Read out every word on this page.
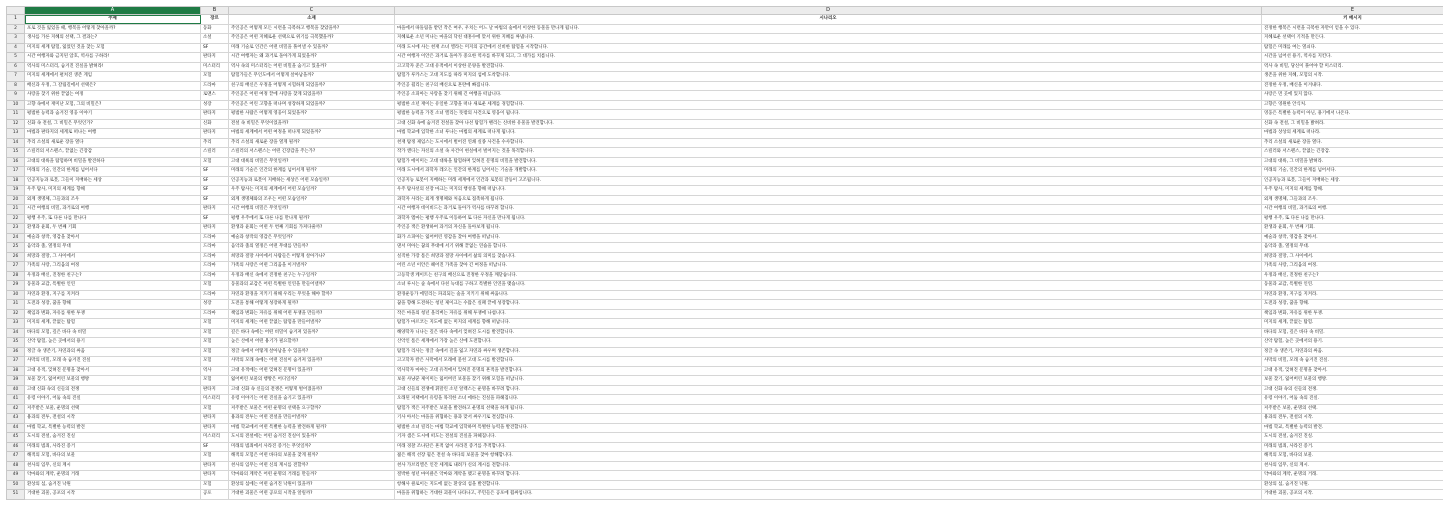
	A	B	C	D	E
1	주제	장르	소재	시나리오	키 메시지
2	포로 것을 잃었을 때, 행복을 어떻게 찾아올까?	동화	주인공은 어떻게 모든 시련을 극복하고 행복을 찾았을까?	마을에서 따돌림을 받던 작은 여우, 우치는 어느 날 마법의 숲에서 이상한 동물을 만나게 됩니다.	진정한 행복은 시련을 극복한 자만이 얻을 수 있다.
3	생사를 가른 지혜의 선택, 그 결과는?	소설	주인공은 어떤 지혜로운 선택으로 위기를 극복했을까?	지혜로운 소년 미나는 마을의 닥친 대홍수에 맞서 위한 지혜를 짜냅니다.	지혜로운 선택이 기적을 만든다.
4	미지의 세계 탐험, 잃었던 것을 찾는 모험	SF	미래 기술로 인간은 어떤 비밀을 풀어낼 수 있을까?	미래 도시에 사는 천재 소녀 엘라는 미지의 공간에서 신비한 탐험을 시작합니다.	탐험은 미래를 여는 열쇠다.
5	시간 여행자와 금지된 암호, 역사를 구하라!	판타지	시간 여행자는 왜 과거로 돌아가게 되었을까?	시간 여행자 이안은 과거로 돌아가 중요한 역사를 바꾸게 되고, 그 대가를 치릅니다.	시간을 넘어선 용기, 역사를 지킨다.
6	역사의 미스터리, 숨겨진 진실을 밝혀라!	미스터리	역사 속의 미스터리는 어떤 비밀을 숨기고 있을까?	고고학자 준은 고대 유적에서 이상한 문양을 발견합니다.	역사 속 비밀, 당신이 풀어야 할 미스터리.
7	미지의 세계에서 펼쳐진 생존 게임	모험	탐험가들은 무인도에서 어떻게 살아남을까?	탐험가 루카스는 고대 지도를 따라 미지의 섬에 도착합니다.	생존을 위한 지혜, 모험의 시작.
8	배신과 우정, 그 갈림길에서 선택은?	드라마	친구의 배신은 우정을 어떻게 시험하게 되었을까?	주인공 윌리는 친구의 배신으로 혼란에 빠집니다.	진정한 우정, 배신을 이겨내다.
9	사랑을 찾기 위한 끝없는 여정	로맨스	주인공은 어떤 여정 끝에 사랑을 찾게 되었을까?	주인공 소피아는 사랑을 찾기 위해 긴 여행을 떠납니다.	사랑은 먼 곳에 있지 않다.
10	고향 속에서 재미난 모험, 그의 비밀은?	성장	주인공은 어린 고향을 떠나며 성장하게 되었을까?	평범한 소년 재이는 유일한 고향을 떠나 새로운 세계를 경험합니다.	고향은 영원한 안식처.
11	평범한 능력과 숨겨진 영웅 이야기	판타지	평범한 사람은 어떻게 영웅이 되었을까?	평범한 능력을 가진 소녀 엘리는 뜻밖의 사건으로 영웅이 됩니다.	영웅은 특별한 능력이 아닌, 용기에서 나온다.
12	신화 속 전설, 그 비밀은 무엇인가?	신화	전설 속 비밀은 무엇이었을까?	고대 신화 속에 숨겨진 전설을 찾아 나선 탐험가 헨리는 신비한 유물을 발견합니다.	신화 속 전설, 그 비밀을 밝혀라.
13	마법과 판타지의 세계로 떠나는 여행	판타지	마법의 세계에서 어떤 여정을 떠나게 되었을까?	마법 학교에 입학한 소녀 루나는 마법의 세계로 떠나게 됩니다.	마법과 상상의 세계로 떠나라.
14	추리 소설의 새로운 장을 열다	추리	추리 소설의 새로운 장을 열게 될까?	천재 탐정 제임스는 도시에서 벌어진 연쇄 실종 사건을 수사합니다.	추리 소설의 새로운 장을 열다.
15	스릴러의 서스펜스, 끝없는 긴장감	스릴러	스릴러의 서스펜스는 어떤 긴장감을 주는가?	작가 앤디는 자신의 소설 속 사건이 현실에서 벌어지는 것을 목격합니다.	스릴러와 서스펜스, 끝없는 긴장감.
16	고대의 대륙을 탐험하며 비밀을 발견하다	모험	고대 대륙의 비밀은 무엇일까?	탐험가 에이미는 고대 대륙을 탐험하며 잊혀진 문명의 비밀을 발견합니다.	고대의 대륙, 그 비밀을 밝혀라.
17	미래의 기술, 인간의 한계를 넘어서다	SF	미래의 기술은 인간의 한계를 넘어서게 될까?	미래 도시에서 과학자 레오는 인간의 한계를 넘어서는 기술을 개발합니다.	미래의 기술, 인간의 한계를 넘어서다.
18	인공지능과 로봇, 그들이 지배하는 세상	SF	인공지능과 로봇이 지배하는 세상은 어떤 모습일까?	인공지능 로봇이 지배하는 미래 세계에서 인간과 로봇의 갈등이 고조됩니다.	인공지능과 로봇, 그들이 지배하는 세상.
19	우주 탐사, 미지의 세계를 향해	SF	우주 탐사는 미지의 세계에서 어떤 모습일까?	우주 탐사선의 선장 마크는 미지의 행성을 향해 떠납니다.	우주 탐사, 미지의 세계를 향해.
20	외계 생명체, 그들과의 조우	SF	외계 생명체와의 조우는 어떤 모습일까?	과학자 사라는 외계 생명체와 처음으로 접촉하게 됩니다.	외계 생명체, 그들과의 조우.
21	시간 여행의 비밀, 과거로의 여행	판타지	시간 여행의 비밀은 무엇일까?	시간 여행자 데이비드는 과거로 돌아가 역사를 바꾸려 합니다.	시간 여행의 비밀, 과거로의 여행.
22	평행 우주, 또 다른 나를 만나다	SF	평행 우주에서 또 다른 나를 만나게 될까?	과학자 엠마는 평행 우주로 이동하여 또 다른 자신을 만나게 됩니다.	평행 우주, 또 다른 나를 만나다.
23	환생과 윤회, 두 번째 기회	판타지	환생과 윤회는 어떤 두 번째 기회를 가져다줄까?	주인공 잭은 환생하여 과거의 자신을 돌아보게 됩니다.	환생과 윤회, 두 번째 기회.
24	예술과 창작, 영감을 찾아서	드라마	예술과 창작의 영감은 무엇일까?	화가 소피아는 잃어버린 영감을 찾아 여행을 떠납니다.	예술과 창작, 영감을 찾아서.
25	음악과 춤, 열정의 무대	드라마	음악과 춤의 열정은 어떤 무대를 만들까?	댄서 미아는 꿈의 무대에 서기 위해 끝없는 연습을 합니다.	음악과 춤, 열정의 무대.
26	희망과 절망, 그 사이에서	드라마	희망과 절망 사이에서 사람들은 어떻게 살아가나?	실직한 가장 톰은 희망과 절망 사이에서 삶의 의미를 찾습니다.	희망과 절망, 그 사이에서.
27	가족의 사랑, 그리움의 여정	드라마	가족의 사랑은 어떤 그리움을 이겨낼까?	어린 소년 이안은 헤어진 가족을 찾아 긴 여정을 떠납니다.	가족의 사랑, 그리움의 여정.
28	우정과 배신, 진정한 친구는?	드라마	우정과 배신 속에서 진정한 친구는 누구일까?	고등학생 케이트는 친구의 배신으로 진정한 우정을 깨닫습니다.	우정과 배신, 진정한 친구는?
29	동물과 교감, 특별한 인연	모험	동물과의 교감은 어떤 특별한 인연을 만들어낼까?	소녀 루시는 숲 속에서 다친 늑대를 구하고 특별한 인연을 맺습니다.	동물과 교감, 특별한 인연.
30	자연과 환경, 지구를 지켜라	드라마	자연과 환경을 지키기 위해 우리는 무엇을 해야 할까?	환경운동가 에밀리는 파괴되는 숲을 지키기 위해 싸웁니다.	자연과 환경, 지구를 지켜라.
31	도전과 성장, 꿈을 향해	성장	도전을 통해 어떻게 성장하게 될까?	꿈을 향해 도전하는 청년 제이크는 수많은 실패 끝에 성장합니다.	도전과 성장, 꿈을 향해.
32	책임과 변화, 자유를 위한 투쟁	드라마	책임과 변화는 자유를 위해 어떤 투쟁을 만들까?	작은 마을의 청년 올리버는 자유를 위해 투쟁에 나섭니다.	책임과 변화, 자유를 위한 투쟁.
33	미지의 세계, 끝없는 탐험	모험	미지의 세계는 어떤 끝없는 탐험을 만들어낼까?	탐험가 마르코는 지도에 없는 미지의 세계를 향해 떠납니다.	미지의 세계, 끝없는 탐험.
34	바다의 모험, 깊은 바다 속 비밀	모험	깊은 바다 속에는 어떤 비밀이 숨겨져 있을까?	해양학자 니나는 깊은 바다 속에서 잊혀진 도시를 발견합니다.	바다의 모험, 깊은 바다 속 비밀.
35	산악 탐험, 높은 곳에서의 용기	모험	높은 산에서 어떤 용기가 필요할까?	산악인 톰은 세계에서 가장 높은 산에 도전합니다.	산악 탐험, 높은 곳에서의 용기.
36	정글 속 생존기, 자연과의 싸움	모험	정글 속에서 어떻게 살아남을 수 있을까?	탐험가 리사는 정글 속에서 길을 잃고 자연과 싸우며 생존합니다.	정글 속 생존기, 자연과의 싸움.
37	사막의 비밀, 모래 속 숨겨진 진실	모험	사막의 모래 속에는 어떤 진실이 숨겨져 있을까?	고고학자 칼은 사막에서 모래에 묻힌 고대 도시를 발견합니다.	사막의 비밀, 모래 속 숨겨진 진실.
38	고대 유적, 잊혀진 문명을 찾아서	역사	고대 유적에는 어떤 잊혀진 문명이 있을까?	역사학자 마야는 고대 유적에서 잊혀진 문명의 흔적을 발견합니다.	고대 유적, 잊혀진 문명을 찾아서.
39	보물 찾기, 잃어버린 보물의 행방	모험	잃어버린 보물의 행방은 어디일까?	보물 사냥꾼 제이미는 잃어버린 보물을 찾기 위해 모험을 떠납니다.	보물 찾기, 잃어버린 보물의 행방.
40	고대 신화 속의 신들의 전쟁	판타지	고대 신화 속 신들의 전쟁은 어떻게 벌어졌을까?	고대 신들의 전쟁에 휘말린 소년 알렉스는 운명을 바꾸려 합니다.	고대 신화 속의 신들의 전쟁.
41	유령 이야기, 어둠 속의 진실	미스터리	유령 이야기는 어떤 진실을 숨기고 있을까?	오래된 저택에서 유령을 목격한 소녀 에바는 진실을 파헤칩니다.	유령 이야기, 어둠 속의 진실.
42	저주받은 보물, 운명의 선택	모험	저주받은 보물은 어떤 운명의 선택을 요구할까?	탐험가 잭은 저주받은 보물을 발견하고 운명의 선택을 하게 됩니다.	저주받은 보물, 운명의 선택.
43	용과의 전투, 전설의 시작	판타지	용과의 전투는 어떤 전설을 만들어낼까?	기사 아서는 마을을 위협하는 용과 맞서 싸우기로 결심합니다.	용과의 전투, 전설의 시작.
44	마법 학교, 특별한 능력의 발견	판타지	마법 학교에서 어떤 특별한 능력을 발견하게 될까?	평범한 소녀 릴리는 마법 학교에 입학하며 특별한 능력을 발견합니다.	마법 학교, 특별한 능력의 발견.
45	도시의 전설, 숨겨진 진실	미스터리	도시의 전설에는 어떤 숨겨진 진실이 있을까?	기자 샘은 도시에 떠도는 전설의 진실을 파헤칩니다.	도시의 전설, 숨겨진 진실.
46	미래의 범죄, 사라진 증거	SF	미래의 범죄에서 사라진 증거는 무엇일까?	미래 경찰 조나단은 흔적 없이 사라진 증거를 추적합니다.	미래의 범죄, 사라진 증거.
47	해적의 모험, 바다의 보물	모험	해적의 모험은 어떤 바다의 보물을 찾게 될까?	젊은 해적 선장 윌은 전설 속 바다의 보물을 찾아 항해합니다.	해적의 모험, 바다의 보물.
48	천사의 임무, 신의 계시	판타지	천사의 임무는 어떤 신의 계시를 전할까?	천사 가브리엘은 인간 세계로 내려가 신의 계시를 전합니다.	천사의 임무, 신의 계시.
49	악마와의 계약, 운명의 거래	판타지	악마와의 계약은 어떤 운명의 거래를 만들까?	절박한 청년 마이클은 악마와 계약을 맺고 운명을 바꾸려 합니다.	악마와의 계약, 운명의 거래.
50	환상의 섬, 숨겨진 낙원	모험	환상의 섬에는 어떤 숨겨진 낙원이 있을까?	항해사 클로이는 지도에 없는 환상의 섬을 발견합니다.	환상의 섬, 숨겨진 낙원.
51	거대한 괴물, 공포의 시작	공포	거대한 괴물은 어떤 공포의 시작을 알릴까?	마을을 위협하는 거대한 괴물이 나타나고, 주민들은 공포에 휩싸입니다.	거대한 괴물, 공포의 시작.
